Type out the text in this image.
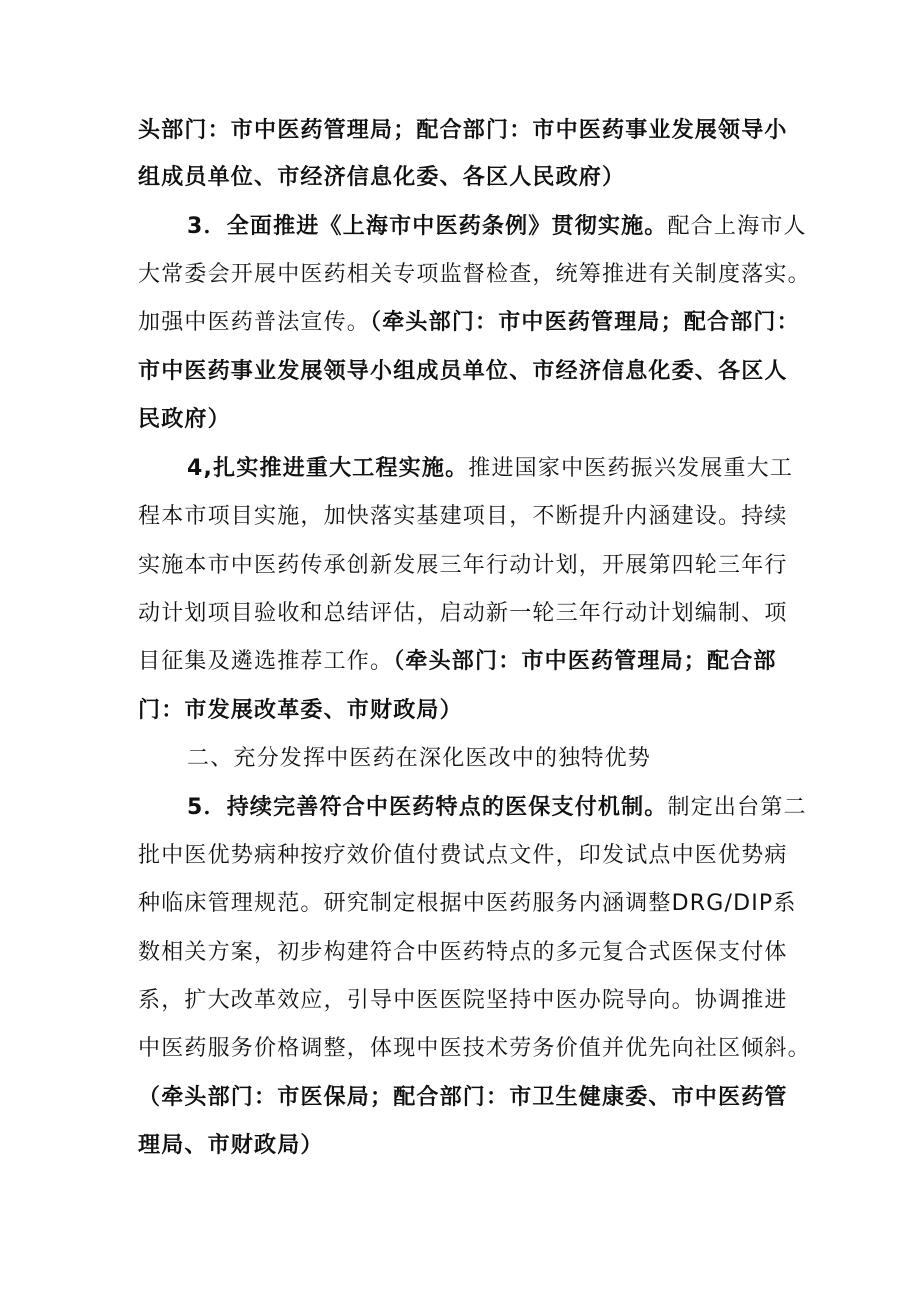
头部门：市中医药管理局；配合部门：市中医药事业发展领导小
组成员单位、市经济信息化委、各区人民政府）
3．全面推进《上海市中医药条例》贯彻实施。配合上海市人
大常委会开展中医药相关专项监督检查，统筹推进有关制度落实。
加强中医药普法宣传。（牵头部门：市中医药管理局；配合部门：
市中医药事业发展领导小组成员单位、市经济信息化委、各区人
民政府）
4,扎实推进重大工程实施。推进国家中医药振兴发展重大工
程本市项目实施，加快落实基建项目，不断提升内涵建设。持续
实施本市中医药传承创新发展三年行动计划，开展第四轮三年行
动计划项目验收和总结评估，启动新一轮三年行动计划编制、项
目征集及遴选推荐工作。（牵头部门：市中医药管理局；配合部
门：市发展改革委、市财政局）
二、充分发挥中医药在深化医改中的独特优势
5．持续完善符合中医药特点的医保支付机制。制定出台第二
批中医优势病种按疗效价值付费试点文件，印发试点中医优势病
种临床管理规范。研究制定根据中医药服务内涵调整DRG/DIP系
数相关方案，初步构建符合中医药特点的多元复合式医保支付体
系，扩大改革效应，引导中医医院坚持中医办院导向。协调推进
中医药服务价格调整，体现中医技术劳务价值并优先向社区倾斜。
（牵头部门：市医保局；配合部门：市卫生健康委、市中医药管
理局、市财政局）
